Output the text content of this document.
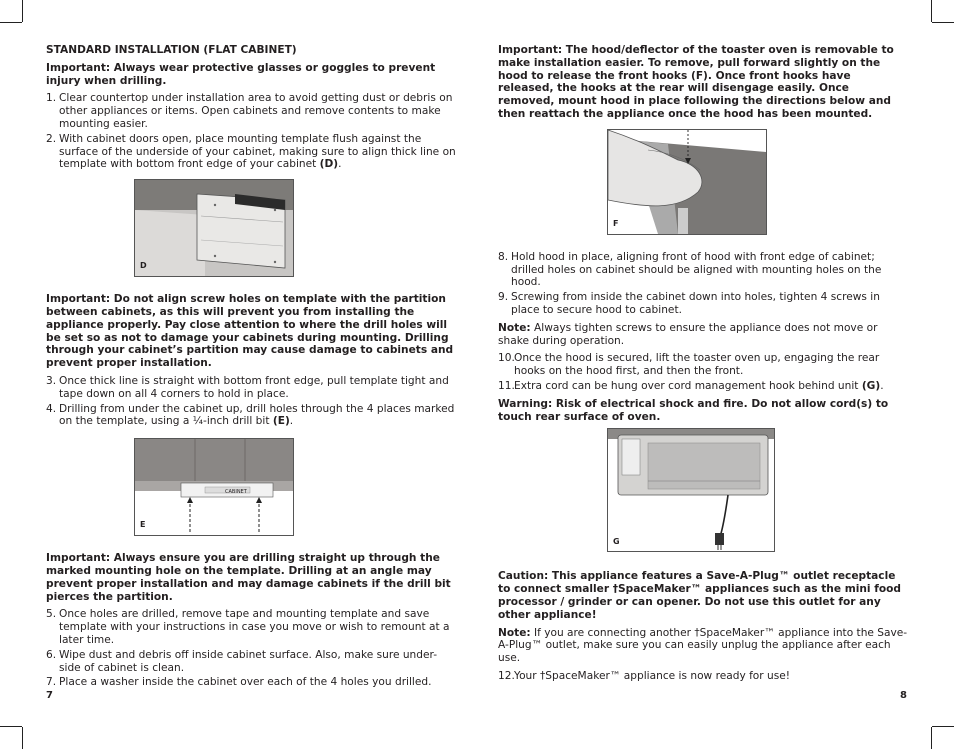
STANDARD INSTALLATION (FLAT CABINET)

Important: Always wear protective glasses or goggles to prevent injury when drilling.

1. Clear countertop under installation area to avoid getting dust or debris on other appliances or items. Open cabinets and remove contents to make mounting easier.
2. With cabinet doors open, place mounting template flush against the surface of the underside of your cabinet, making sure to align thick line on template with bottom front edge of your cabinet (D).
D

Important: Do not align screw holes on template with the partition between cabinets, as this will prevent you from installing the appliance properly. Pay close attention to where the drill holes will be set so as not to damage your cabinets during mounting. Drilling through your cabinet’s partition may cause damage to cabinets and prevent proper installation.

3. Once thick line is straight with bottom front edge, pull template tight and tape down on all 4 corners to hold in place.
4. Drilling from under the cabinet up, drill holes through the 4 places marked on the template, using a ¼-inch drill bit (E).
CABINET
E

Important: Always ensure you are drilling straight up through the marked mounting hole on the template. Drilling at an angle may prevent proper installation and may damage cabinets if the drill bit pierces the partition.

5. Once holes are drilled, remove tape and mounting template and save template with your instructions in case you move or wish to remount at a later time.
6. Wipe dust and debris off inside cabinet surface. Also, make sure under-side of cabinet is clean.
7. Place a washer inside the cabinet over each of the 4 holes you drilled.
7

Important: The hood/deflector of the toaster oven is removable to make installation easier. To remove, pull forward slightly on the hood to release the front hooks (F). Once front hooks have released, the hooks at the rear will disengage easily. Once removed, mount hood in place following the directions below and then reattach the appliance once the hood has been mounted.

F
8. Hold hood in place, aligning front of hood with front edge of cabinet; drilled holes on cabinet should be aligned with mounting holes on the hood.
9. Screwing from inside the cabinet down into holes, tighten 4 screws in place to secure hood to cabinet.

Note: Always tighten screws to ensure the appliance does not move or shake during operation.

10. Once the hood is secured, lift the toaster oven up, engaging the rear hooks on the hood first, and then the front.
11. Extra cord can be hung over cord management hook behind unit (G).

Warning: Risk of electrical shock and fire. Do not allow cord(s) to touch rear surface of oven.

G

Caution: This appliance features a Save-A-Plug™ outlet receptacle to connect smaller †SpaceMaker™ appliances such as the mini food processor / grinder or can opener. Do not use this outlet for any other appliance!

Note: If you are connecting another †SpaceMaker™ appliance into the Save-A-Plug™ outlet, make sure you can easily unplug the appliance after each use.

12. Your †SpaceMaker™ appliance is now ready for use!
8
